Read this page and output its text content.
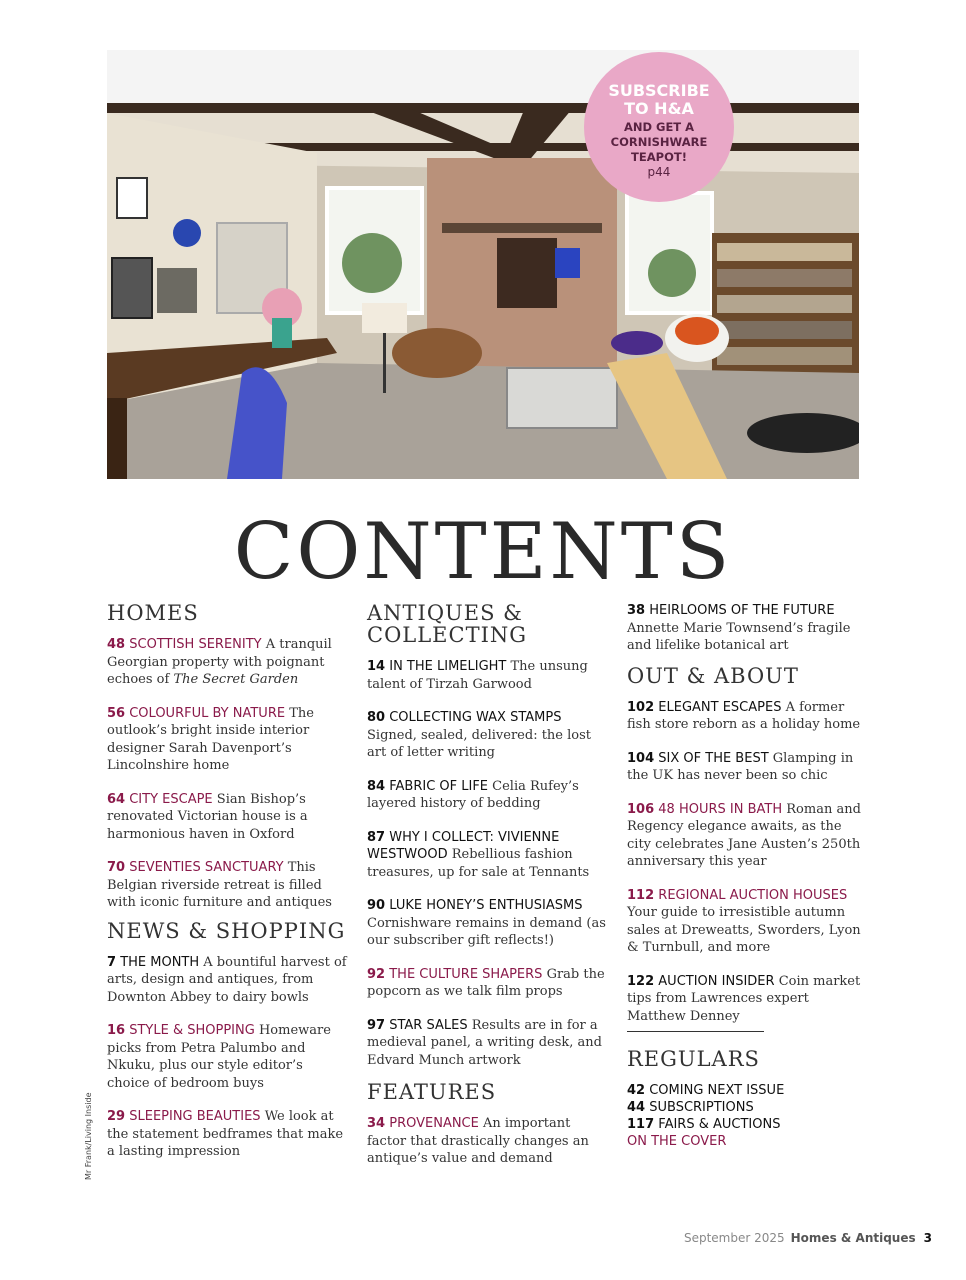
SUBSCRIBE
TO H&A
AND GET A
CORNISHWARE
TEAPOT!
p44
CONTENTS
HOMES
48 SCOTTISH SERENITY A tranquil Georgian property with poignant echoes of The Secret Garden
56 COLOURFUL BY NATURE The outlook’s bright inside interior designer Sarah Davenport’s Lincolnshire home
64 CITY ESCAPE Sian Bishop’s renovated Victorian house is a harmonious haven in Oxford
70 SEVENTIES SANCTUARY This Belgian riverside retreat is filled with iconic furniture and antiques
NEWS & SHOPPING
7 THE MONTH A bountiful harvest of arts, design and antiques, from Downton Abbey to dairy bowls
16 STYLE & SHOPPING Homeware picks from Petra Palumbo and Nkuku, plus our style editor’s choice of bedroom buys
29 SLEEPING BEAUTIES We look at the statement bedframes that make a lasting impression
ANTIQUES &
COLLECTING
14 IN THE LIMELIGHT The unsung talent of Tirzah Garwood
80 COLLECTING WAX STAMPS Signed, sealed, delivered: the lost art of letter writing
84 FABRIC OF LIFE Celia Rufey’s layered history of bedding
87 WHY I COLLECT: VIVIENNE WESTWOOD Rebellious fashion treasures, up for sale at Tennants
90 LUKE HONEY’S ENTHUSIASMS Cornishware remains in demand (as our subscriber gift reflects!)
92 THE CULTURE SHAPERS Grab the popcorn as we talk film props
97 STAR SALES Results are in for a medieval panel, a writing desk, and Edvard Munch artwork
FEATURES
34 PROVENANCE An important factor that drastically changes an antique’s value and demand
38 HEIRLOOMS OF THE FUTURE Annette Marie Townsend’s fragile and lifelike botanical art
OUT & ABOUT
102 ELEGANT ESCAPES A former fish store reborn as a holiday home
104 SIX OF THE BEST Glamping in the UK has never been so chic
106 48 HOURS IN BATH Roman and Regency elegance awaits, as the city celebrates Jane Austen’s 250th anniversary this year
112 REGIONAL AUCTION HOUSES Your guide to irresistible autumn sales at Dreweatts, Sworders, Lyon & Turnbull, and more
122 AUCTION INSIDER Coin market tips from Lawrences expert Matthew Denney
REGULARS
42 COMING NEXT ISSUE
44 SUBSCRIPTIONS
117 FAIRS & AUCTIONS
ON THE COVER
Mr Frank/Living Inside
September 2025 Homes & Antiques 3
